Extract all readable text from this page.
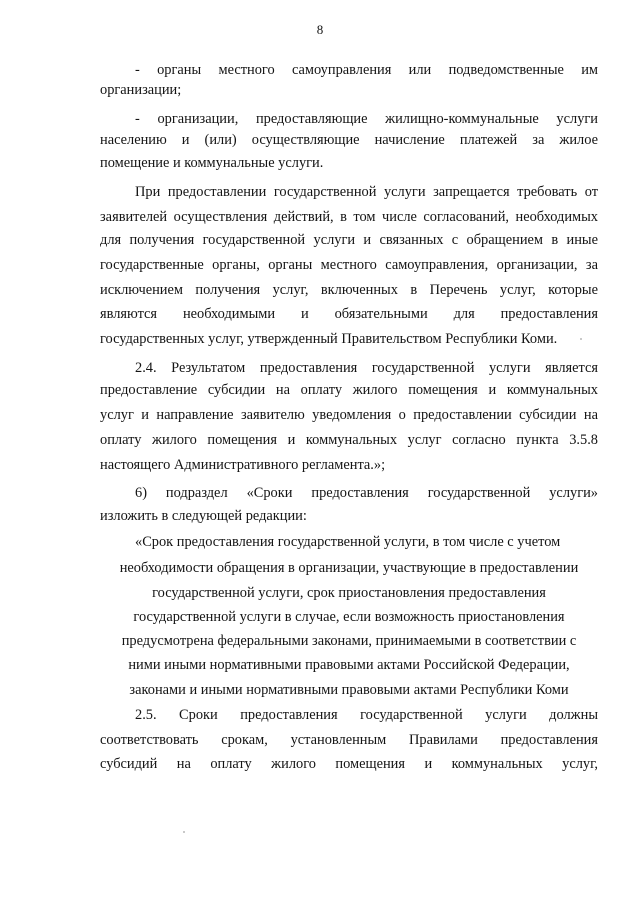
8
- органы местного самоуправления или подведомственные им
организации;
- организации, предоставляющие жилищно-коммунальные услуги
населению и (или) осуществляющие начисление платежей за жилое
помещение и коммунальные услуги.
При предоставлении государственной услуги запрещается требовать от
заявителей осуществления действий, в том числе согласований, необходимых
для получения государственной услуги и связанных с обращением в иные
государственные органы, органы местного самоуправления, организации, за
исключением получения услуг, включенных в Перечень услуг, которые
являются необходимыми и обязательными для предоставления
государственных услуг, утвержденный Правительством Республики Коми.
2.4. Результатом предоставления государственной услуги является
предоставление субсидии на оплату жилого помещения и коммунальных
услуг и направление заявителю уведомления о предоставлении субсидии на
оплату жилого помещения и коммунальных услуг согласно пункта 3.5.8
настоящего Административного регламента.»;
6) подраздел «Сроки предоставления государственной услуги»
изложить в следующей редакции:
«Срок предоставления государственной услуги, в том числе с учетом
необходимости обращения в организации, участвующие в предоставлении
государственной услуги, срок приостановления предоставления
государственной услуги в случае, если возможность приостановления
предусмотрена федеральными законами, принимаемыми в соответствии с
ними иными нормативными правовыми актами Российской Федерации,
законами и иными нормативными правовыми актами Республики Коми
2.5. Сроки предоставления государственной услуги должны
соответствовать срокам, установленным Правилами предоставления
субсидий на оплату жилого помещения и коммунальных услуг,
